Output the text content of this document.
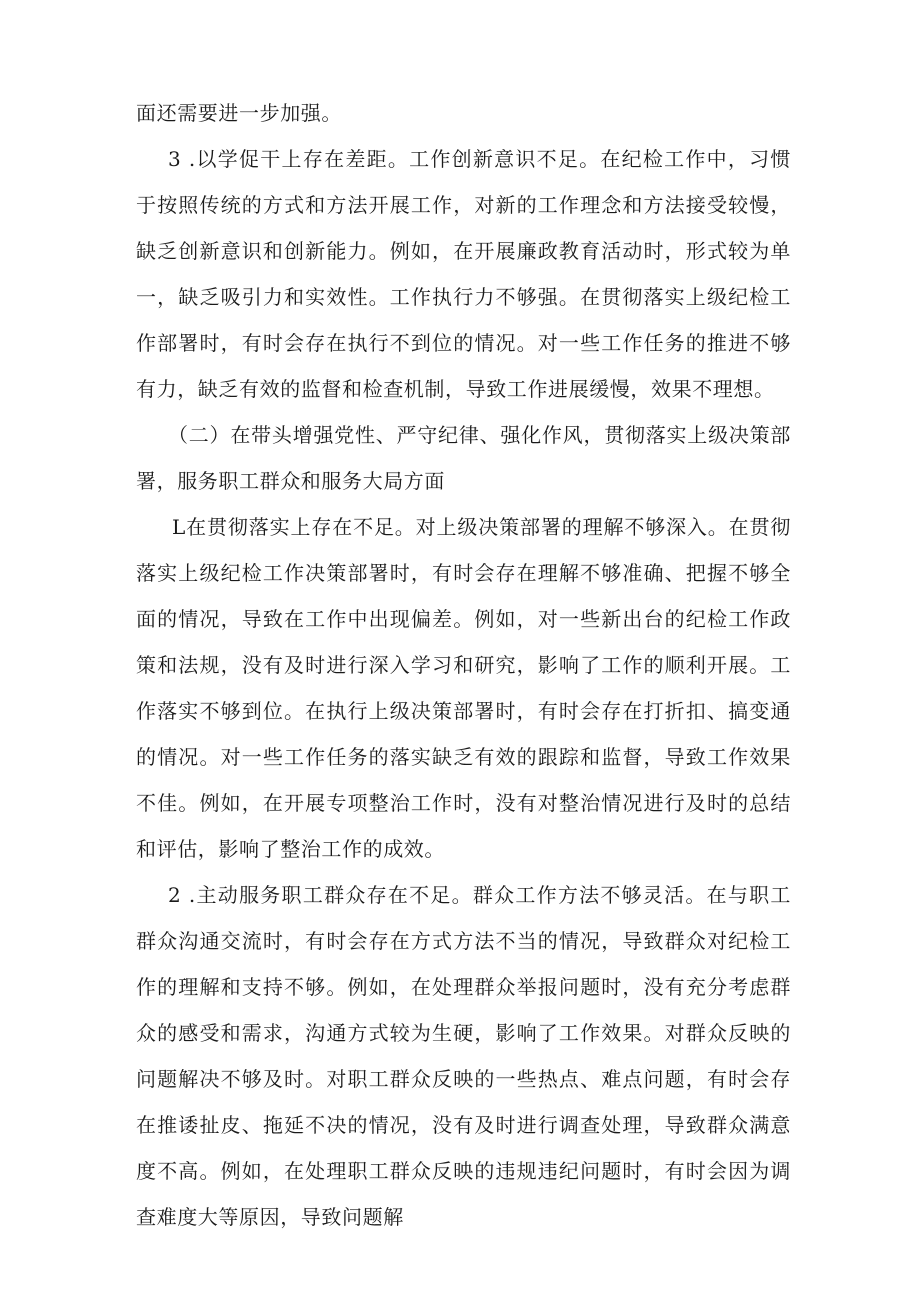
面还需要进一步加强。

3 .以学促干上存在差距。工作创新意识不足。在纪检工作中，习惯于按照传统的方式和方法开展工作，对新的工作理念和方法接受较慢，缺乏创新意识和创新能力。例如，在开展廉政教育活动时，形式较为单一，缺乏吸引力和实效性。工作执行力不够强。在贯彻落实上级纪检工作部署时，有时会存在执行不到位的情况。对一些工作任务的推进不够有力，缺乏有效的监督和检查机制，导致工作进展缓慢，效果不理想。

（二）在带头增强党性、严守纪律、强化作风，贯彻落实上级决策部署，服务职工群众和服务大局方面

L在贯彻落实上存在不足。对上级决策部署的理解不够深入。在贯彻落实上级纪检工作决策部署时，有时会存在理解不够准确、把握不够全面的情况，导致在工作中出现偏差。例如，对一些新出台的纪检工作政策和法规，没有及时进行深入学习和研究，影响了工作的顺利开展。工作落实不够到位。在执行上级决策部署时，有时会存在打折扣、搞变通的情况。对一些工作任务的落实缺乏有效的跟踪和监督，导致工作效果不佳。例如，在开展专项整治工作时，没有对整治情况进行及时的总结和评估，影响了整治工作的成效。

2 .主动服务职工群众存在不足。群众工作方法不够灵活。在与职工群众沟通交流时，有时会存在方式方法不当的情况，导致群众对纪检工作的理解和支持不够。例如，在处理群众举报问题时，没有充分考虑群众的感受和需求，沟通方式较为生硬，影响了工作效果。对群众反映的问题解决不够及时。对职工群众反映的一些热点、难点问题，有时会存在推诿扯皮、拖延不决的情况，没有及时进行调查处理，导致群众满意度不高。例如，在处理职工群众反映的违规违纪问题时，有时会因为调查难度大等原因，导致问题解
